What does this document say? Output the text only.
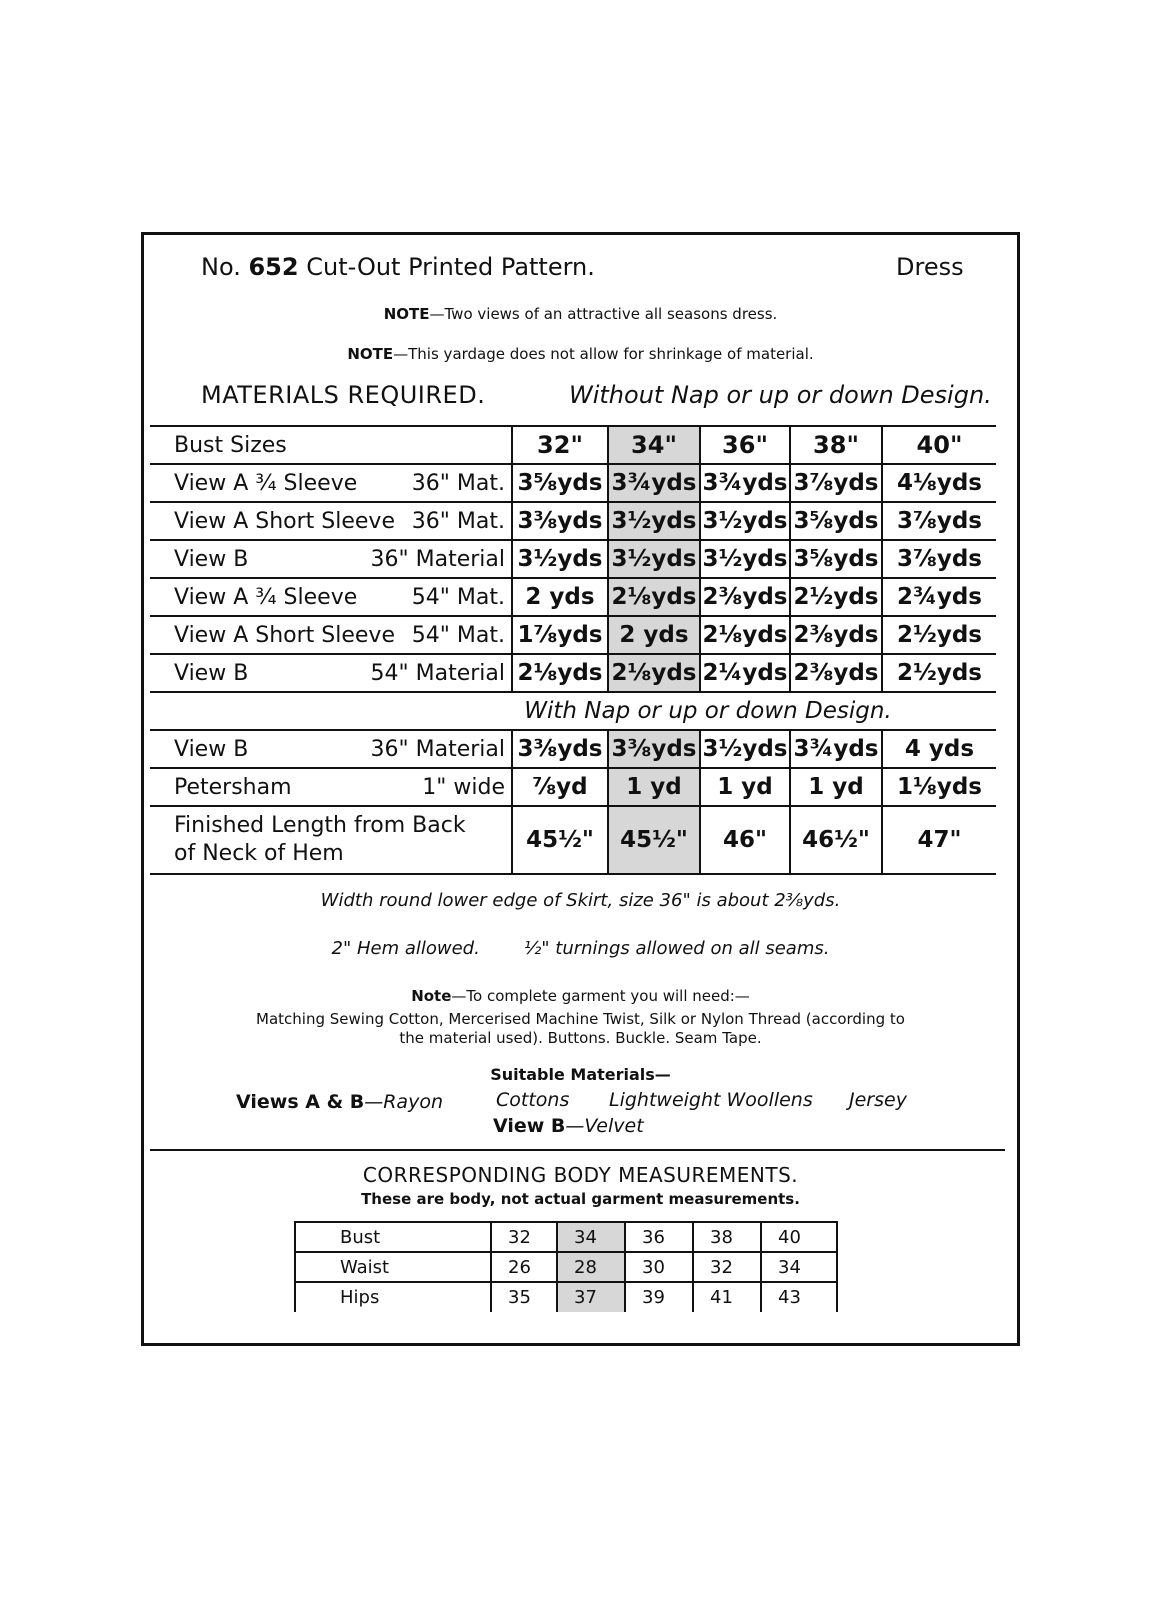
No. 652 Cut-Out Printed Pattern.	Dress
NOTE—Two views of an attractive all seasons dress.
NOTE—This yardage does not allow for shrinkage of material.
MATERIALS REQUIRED.	Without Nap or up or down Design.
Bust Sizes	32"	34"	36"	38"	40"
View A ¾ Sleeve 36" Mat.	3⅝yds	3¾yds	3¾yds	3⅞yds	4⅛yds
View A Short Sleeve 36" Mat.	3⅜yds	3½yds	3½yds	3⅝yds	3⅞yds
View B 36" Material	3½yds	3½yds	3½yds	3⅝yds	3⅞yds
View A ¾ Sleeve 54" Mat.	2 yds	2⅛yds	2⅜yds	2½yds	2¾yds
View A Short Sleeve 54" Mat.	1⅞yds	2 yds	2⅛yds	2⅜yds	2½yds
View B 54" Material	2⅛yds	2⅛yds	2¼yds	2⅜yds	2½yds
With Nap or up or down Design.					
View B 36" Material	3⅜yds	3⅜yds	3½yds	3¾yds	4 yds
Petersham 1" wide	⅞yd	1 yd	1 yd	1 yd	1⅛yds

Finished Length from Back
of Neck of Hem	45½"	45½"	46"	46½"	47"
Width round lower edge of Skirt, size 36" is about 2⅜yds.
2" Hem allowed. ½" turnings allowed on all seams.
Note—To complete garment you will need:—
Matching Sewing Cotton, Mercerised Machine Twist, Silk or Nylon Thread (according to
the material used). Buttons. Buckle. Seam Tape.
Suitable Materials—
Views A & B—Rayon	Cottons Lightweight Woollens Jersey
View B—Velvet
CORRESPONDING BODY MEASUREMENTS.
These are body, not actual garment measurements.
Bust	32	34	36	38	40
Waist	26	28	30	32	34
Hips	35	37	39	41	43
